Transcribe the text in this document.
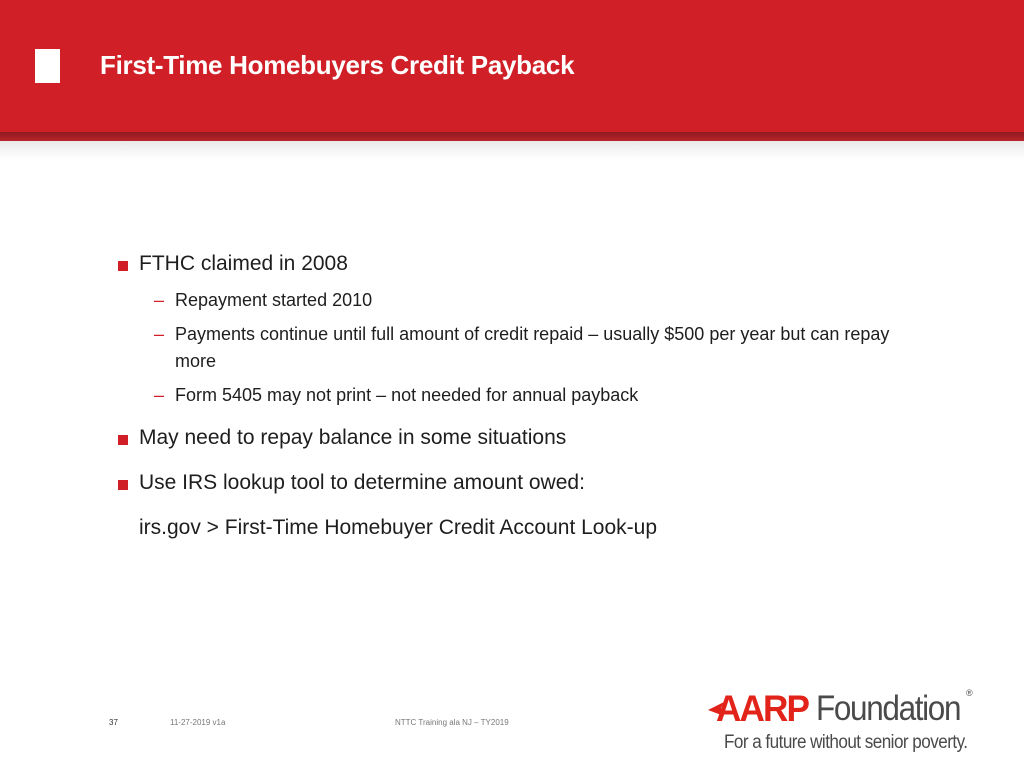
First-Time Homebuyers Credit Payback
FTHC claimed in 2008
– Repayment started 2010
– Payments continue until full amount of credit repaid – usually $500 per year but can repay more
– Form 5405 may not print – not needed for annual payback
May need to repay balance in some situations
Use IRS lookup tool to determine amount owed:
irs.gov > First-Time Homebuyer Credit Account Look-up
37	11-27-2019 v1a	NTTC Training ala NJ – TY2019	AARP Foundation ®
For a future without senior poverty.
